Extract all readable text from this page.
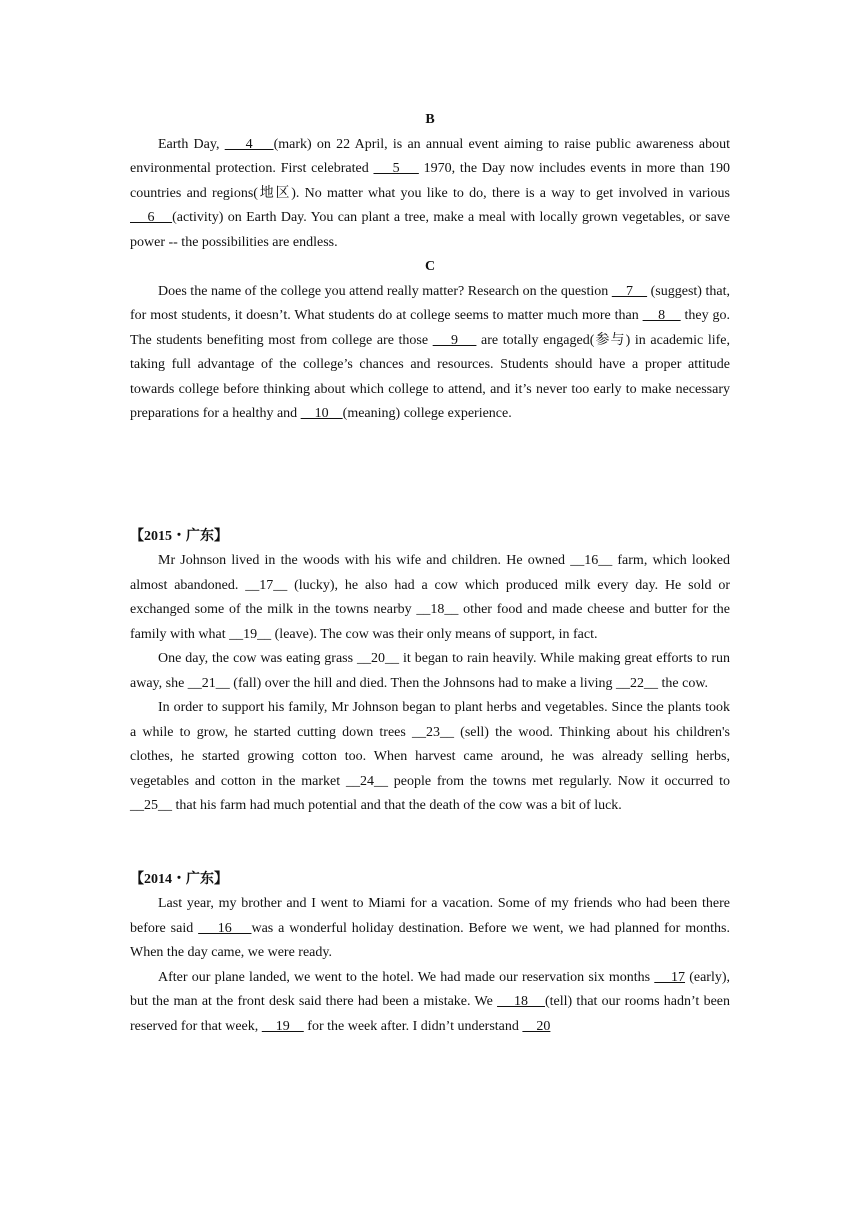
B

Earth Day,     4    (mark) on 22 April, is an annual event aiming to raise public awareness about environmental protection. First celebrated     5     1970, the Day now includes events in more than 190 countries and regions(地区). No matter what you like to do, there is a way to get involved in various     6    (activity) on Earth Day. You can plant a tree, make a meal with locally grown vegetables, or save power -- the possibilities are endless.

C

Does the name of the college you attend really matter? Research on the question     7     (suggest) that, for most students, it doesn’t. What students do at college seems to matter much more than     8     they go. The students benefiting most from college are those     9     are totally engaged(参与) in academic life, taking full advantage of the college’s chances and resources. Students should have a proper attitude towards college before thinking about which college to attend, and it’s never too early to make necessary preparations for a healthy and     10    (meaning) college experience.

【2015・广东】

Mr Johnson lived in the woods with his wife and children. He owned __16__ farm, which looked almost abandoned. __17__ (lucky), he also had a cow which produced milk every day. He sold or exchanged some of the milk in the towns nearby __18__ other food and made cheese and butter for the family with what __19__ (leave). The cow was their only means of support, in fact.

One day, the cow was eating grass __20__ it began to rain heavily. While making great efforts to run away, she __21__ (fall) over the hill and died. Then the Johnsons had to make a living __22__ the cow.

In order to support his family, Mr Johnson began to plant herbs and vegetables. Since the plants took a while to grow, he started cutting down trees __23__ (sell) the wood. Thinking about his children's clothes, he started growing cotton too. When harvest came around, he was already selling herbs, vegetables and cotton in the market __24__ people from the towns met regularly. Now it occurred to __25__ that his farm had much potential and that the death of the cow was a bit of luck.

【2014・广东】

Last year, my brother and I went to Miami for a vacation. Some of my friends who had been there before said     16    was a wonderful holiday destination. Before we went, we had planned for months. When the day came, we were ready.

After our plane landed, we went to the hotel. We had made our reservation six months     17 (early), but the man at the front desk said there had been a mistake. We     18    (tell) that our rooms hadn’t been reserved for that week,     19     for the week after. I didn’t understand     20
